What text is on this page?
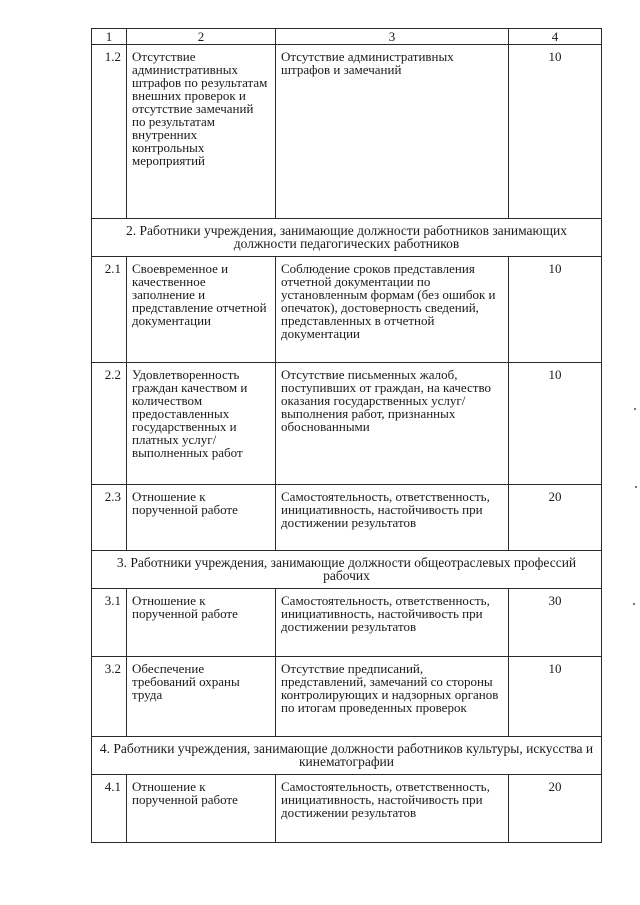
1	2	3	4
1.2	Отсутствие административных штрафов по результатам внешних проверок и отсутствие замечаний по результатам внутренних контрольных мероприятий	Отсутствие административных штрафов и замечаний	10
2. Работники учреждения, занимающие должности работников занимающих должности педагогических работников			
2.1	Своевременное и качественное заполнение и представление отчетной документации	Соблюдение сроков представления отчетной документации по установленным формам (без ошибок и опечаток), достоверность сведений, представленных в отчетной документации	10
2.2	Удовлетворенность граждан качеством и количеством предоставленных государственных и платных услуг/выполненных работ	Отсутствие письменных жалоб, поступивших от граждан, на качество оказания государственных услуг/ выполнения работ, признанных обоснованными	10
2.3	Отношение к порученной работе	Самостоятельность, ответственность, инициативность, настойчивость при достижении результатов	20
3. Работники учреждения, занимающие должности общеотраслевых профессий рабочих			
3.1	Отношение к порученной работе	Самостоятельность, ответственность, инициативность, настойчивость при достижении результатов	30
3.2	Обеспечение требований охраны труда	Отсутствие предписаний, представлений, замечаний со стороны контролирующих и надзорных органов по итогам проведенных проверок	10
4. Работники учреждения, занимающие должности работников культуры, искусства и кинематографии			
4.1	Отношение к порученной работе	Самостоятельность, ответственность, инициативность, настойчивость при достижении результатов	20
